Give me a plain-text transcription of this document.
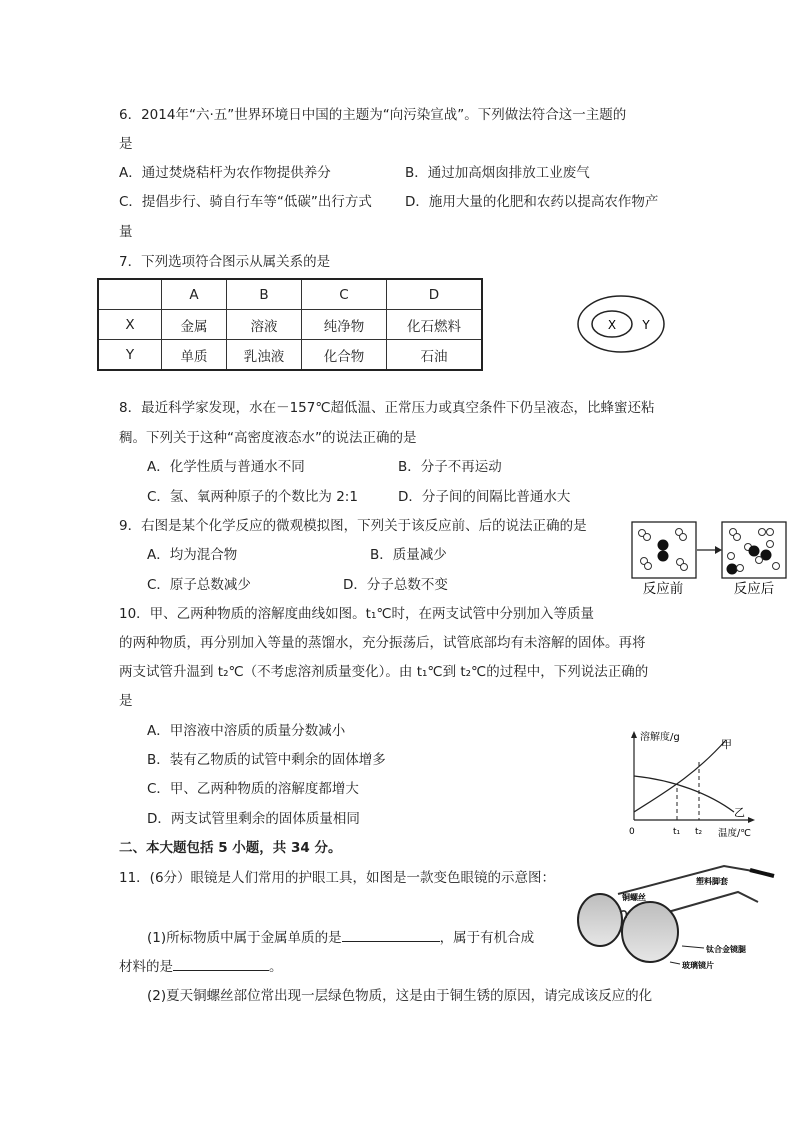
6．2014年“六·五”世界环境日中国的主题为“向污染宣战”。下列做法符合这一主题的
是
A．通过焚烧秸杆为农作物提供养分	B．通过加高烟囱排放工业废气
C．提倡步行、骑自行车等“低碳”出行方式 D．施用大量的化肥和农药以提高农作物产
量
7．下列选项符合图示从属关系的是
	A	B	C	D
X	金属	溶液	纯净物	化石燃料
Y	单质	乳浊液	化合物	石油
X Y
8．最近科学家发现，水在－157℃超低温、正常压力或真空条件下仍呈液态，比蜂蜜还粘
稠。下列关于这种“高密度液态水”的说法正确的是
A．化学性质与普通水不同	B．分子不再运动
C．氢、氧两种原子的个数比为 2:1	D．分子间的间隔比普通水大
9．右图是某个化学反应的微观模拟图，下列关于该反应前、后的说法正确的是
A．均为混合物	B．质量减少
C．原子总数减少	D．分子总数不变	反应前	反应后
10．甲、乙两种物质的溶解度曲线如图。t₁℃时，在两支试管中分别加入等质量
的两种物质，再分别加入等量的蒸馏水，充分振荡后，试管底部均有未溶解的固体。再将
两支试管升温到 t₂℃（不考虑溶剂质量变化）。由 t₁℃到 t₂℃的过程中，下列说法正确的
是
A．甲溶液中溶质的质量分数减小
B．装有乙物质的试管中剩余的固体增多
C．甲、乙两种物质的溶解度都增大
D．两支试管里剩余的固体质量相同
溶解度/g
甲
乙
0	t₁ t₂ 温度/℃
二、本大题包括 5 小题，共 34 分。
11．(6分）眼镜是人们常用的护眼工具，如图是一款变色眼镜的示意图：
(1)所标物质中属于金属单质的是	，属于有机合成
材料的是	。
(2)夏天铜螺丝部位常出现一层绿色物质，这是由于铜生锈的原因，请完成该反应的化
塑料脚套
铜螺丝
钛合金镜腿
玻璃镜片
